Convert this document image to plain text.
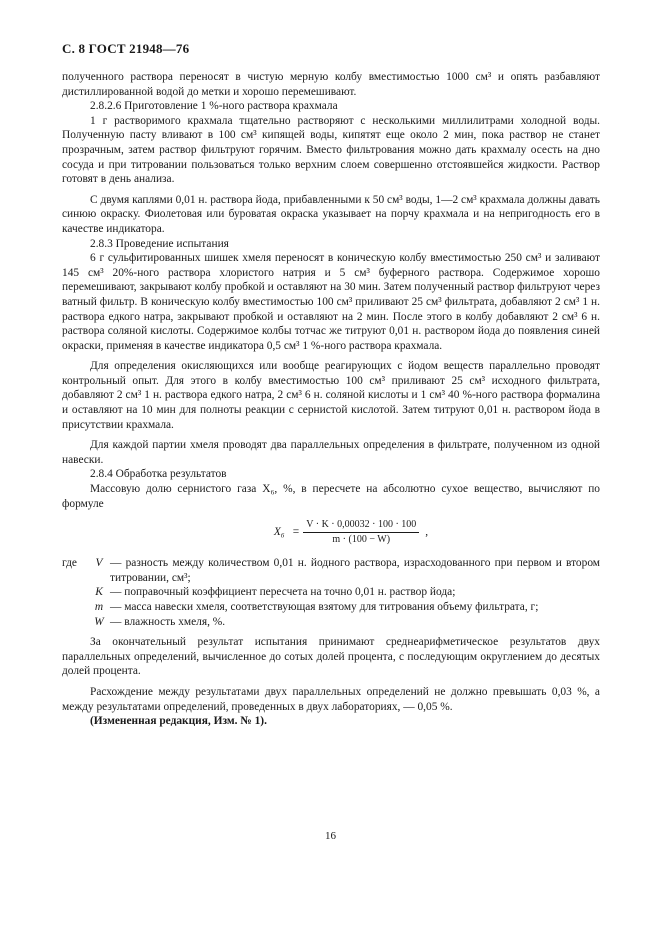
С. 8 ГОСТ 21948—76

полученного раствора переносят в чистую мерную колбу вместимостью 1000 см³ и опять разбавляют дистиллированной водой до метки и хорошо перемешивают.

2.8.2.6 Приготовление 1 %-ного раствора крахмала

1 г растворимого крахмала тщательно растворяют с несколькими миллилитрами холодной воды. Полученную пасту вливают в 100 см³ кипящей воды, кипятят еще около 2 мин, пока раствор не станет прозрачным, затем раствор фильтруют горячим. Вместо фильтрования можно дать крахмалу осесть на дно сосуда и при титровании пользоваться только верхним слоем совершенно отстоявшейся жидкости. Раствор готовят в день анализа.

С двумя каплями 0,01 н. раствора йода, прибавленными к 50 см³ воды, 1—2 см³ крахмала должны давать синюю окраску. Фиолетовая или буроватая окраска указывает на порчу крахмала и на непригодность его в качестве индикатора.

2.8.3 Проведение испытания

6 г сульфитированных шишек хмеля переносят в коническую колбу вместимостью 250 см³ и заливают 145 см³ 20%-ного раствора хлористого натрия и 5 см³ буферного раствора. Содержимое хорошо перемешивают, закрывают колбу пробкой и оставляют на 30 мин. Затем полученный раствор фильтруют через ватный фильтр. В коническую колбу вместимостью 100 см³ приливают 25 см³ фильтрата, добавляют 2 см³ 1 н. раствора едкого натра, закрывают пробкой и оставляют на 2 мин. После этого в колбу добавляют 2 см³ 6 н. раствора соляной кислоты. Содержимое колбы тотчас же титруют 0,01 н. раствором йода до появления синей окраски, применяя в качестве индикатора 0,5 см³ 1 %-ного раствора крахмала.

Для определения окисляющихся или вообще реагирующих с йодом веществ параллельно проводят контрольный опыт. Для этого в колбу вместимостью 100 см³ приливают 25 см³ исходного фильтрата, добавляют 2 см³ 1 н. раствора едкого натра, 2 см³ 6 н. соляной кислоты и 1 см³ 40 %-ного раствора формалина и оставляют на 10 мин для полноты реакции с сернистой кислотой. Затем титруют 0,01 н. раствором йода в присутствии крахмала.

Для каждой партии хмеля проводят два параллельных определения в фильтрате, полученном из одной навески.

2.8.4 Обработка результатов

Массовую долю сернистого газа X₆, %, в пересчете на абсолютно сухое вещество, вычисляют по формуле

$X_6 = \frac{V \cdot K \cdot 0,00032 \cdot 100 \cdot 100}{m \cdot (100 - W)}$ ,
где	V — разность между количеством 0,01 н. йодного раствора, израсходованного при первом и втором титровании, см³;
K — поправочный коэффициент пересчета на точно 0,01 н. раствор йода;
m — масса навески хмеля, соответствующая взятому для титрования объему фильтрата, г;
W — влажность хмеля, %.

За окончательный результат испытания принимают среднеарифметическое результатов двух параллельных определений, вычисленное до сотых долей процента, с последующим округлением до десятых долей процента.

Расхождение между результатами двух параллельных определений не должно превышать 0,03 %, а между результатами определений, проведенных в двух лабораториях, — 0,05 %.

(Измененная редакция, Изм. № 1).

16
